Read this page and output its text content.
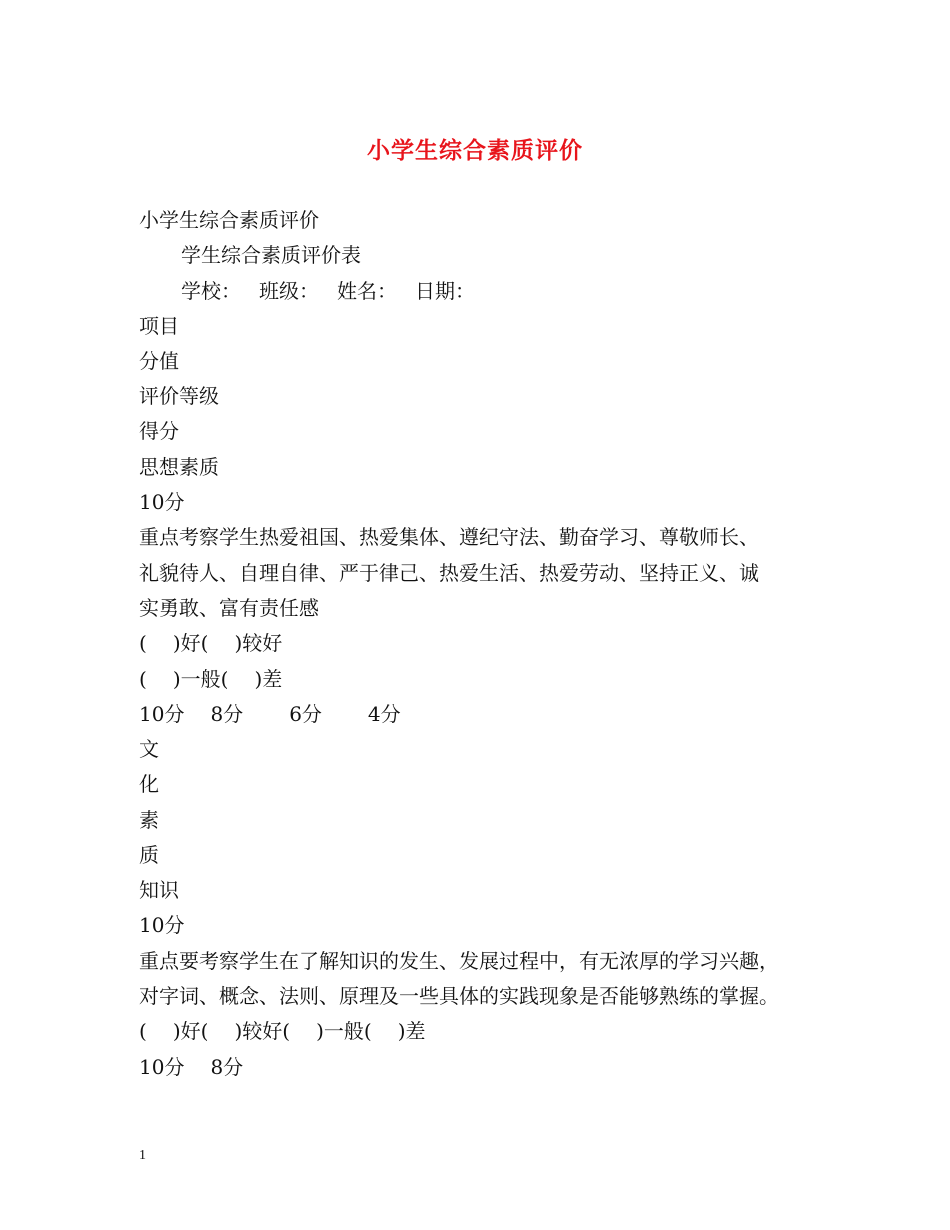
小学生综合素质评价
小学生综合素质评价
学生综合素质评价表
学校： 班级： 姓名： 日期：
项目
分值
评价等级
得分
思想素质
10分
重点考察学生热爱祖国、热爱集体、遵纪守法、勤奋学习、尊敬师长、
礼貌待人、自理自律、严于律己、热爱生活、热爱劳动、坚持正义、诚
实勇敢、富有责任感
( )好( )较好
( )一般( )差
10分 8分 6分 4分
文
化
素
质
知识
10分
重点要考察学生在了解知识的发生、发展过程中，有无浓厚的学习兴趣，
对字词、概念、法则、原理及一些具体的实践现象是否能够熟练的掌握。
( )好( )较好( )一般( )差
10分 8分
1
